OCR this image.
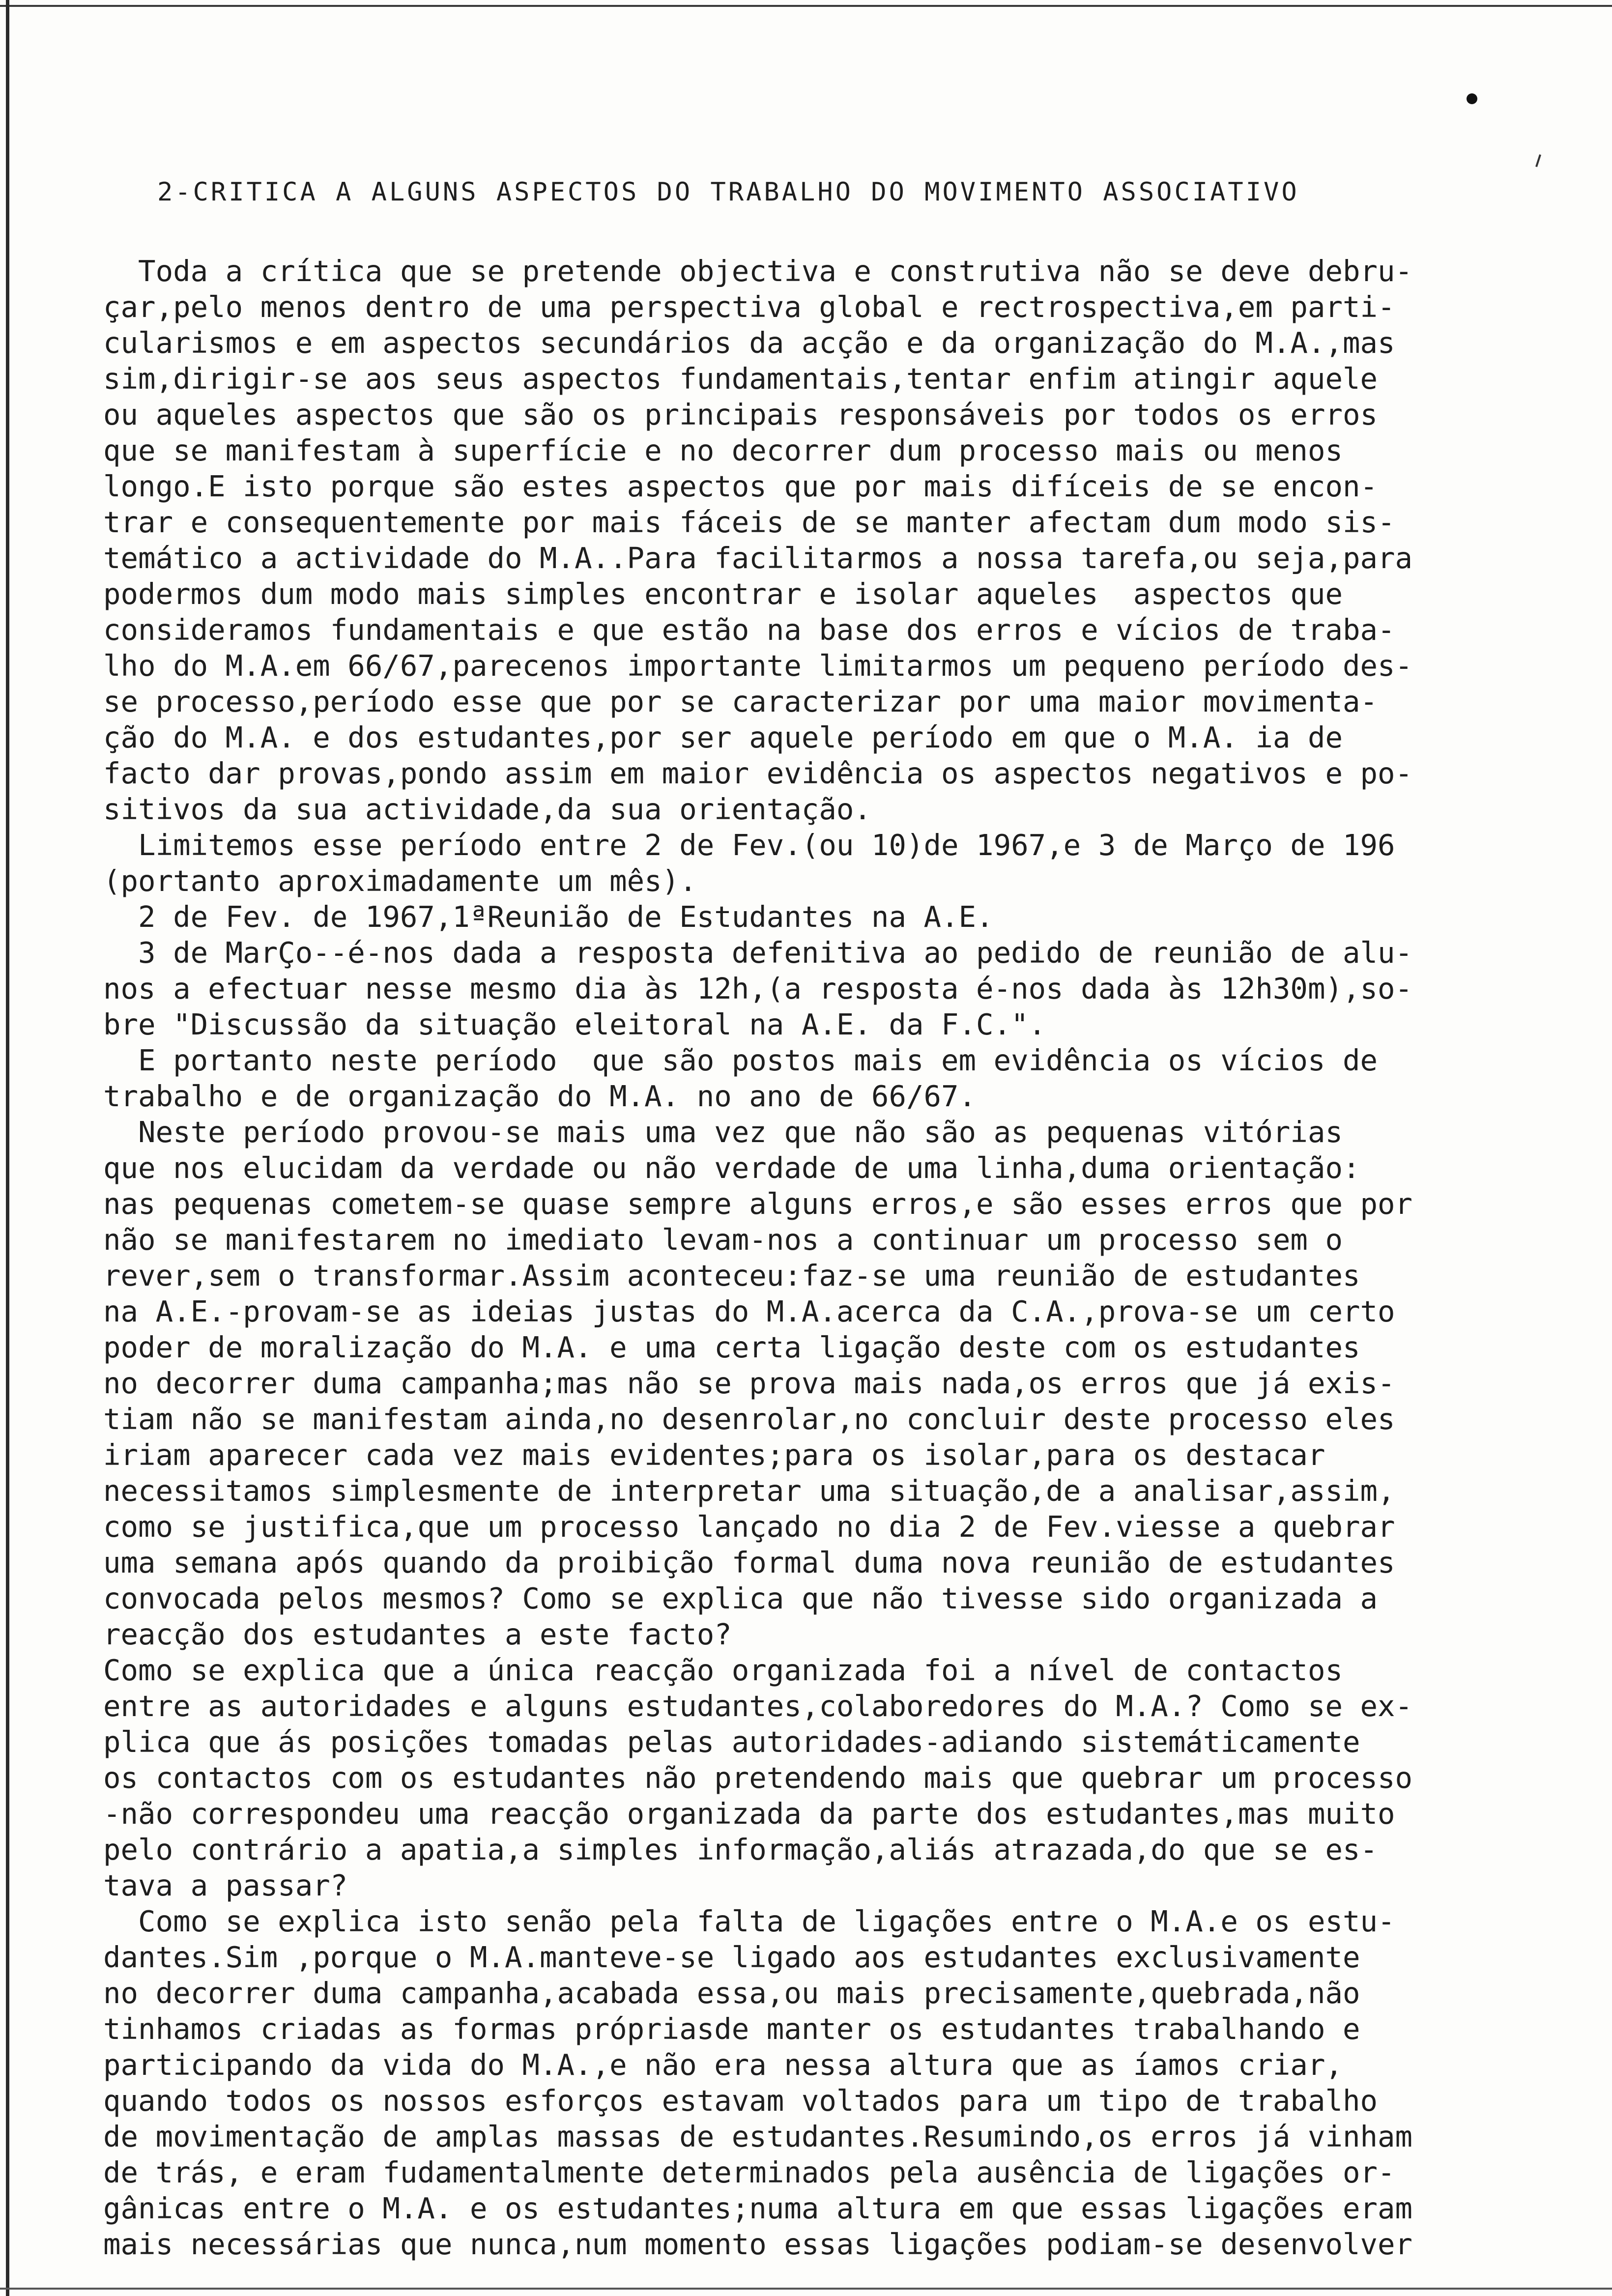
2-CRITICA A ALGUNS ASPECTOS DO TRABALHO DO MOVIMENTO ASSOCIATIVO
Toda a crítica que se pretende objectiva e construtiva não se deve debru-
çar,pelo menos dentro de uma perspectiva global e rectrospectiva,em parti-
cularismos e em aspectos secundários da acção e da organização do M.A.,mas
sim,dirigir-se aos seus aspectos fundamentais,tentar enfim atingir aquele
ou aqueles aspectos que são os principais responsáveis por todos os erros
que se manifestam à superfície e no decorrer dum processo mais ou menos
longo.E isto porque são estes aspectos que por mais difíceis de se encon-
trar e consequentemente por mais fáceis de se manter afectam dum modo sis-
temático a actividade do M.A..Para facilitarmos a nossa tarefa,ou seja,para
podermos dum modo mais simples encontrar e isolar aqueles  aspectos que
consideramos fundamentais e que estão na base dos erros e vícios de traba-
lho do M.A.em 66/67,parecenos importante limitarmos um pequeno período des-
se processo,período esse que por se caracterizar por uma maior movimenta-
ção do M.A. e dos estudantes,por ser aquele período em que o M.A. ia de
facto dar provas,pondo assim em maior evidência os aspectos negativos e po-
sitivos da sua actividade,da sua orientação.
Limitemos esse período entre 2 de Fev.(ou 10)de 1967,e 3 de Março de 196
(portanto aproximadamente um mês).
2 de Fev. de 1967,1ªReunião de Estudantes na A.E.
3 de MarÇo--é-nos dada a resposta defenitiva ao pedido de reunião de alu-
nos a efectuar nesse mesmo dia às 12h,(a resposta é-nos dada às 12h30m),so-
bre "Discussão da situação eleitoral na A.E. da F.C.".
E portanto neste período  que são postos mais em evidência os vícios de
trabalho e de organização do M.A. no ano de 66/67.
Neste período provou-se mais uma vez que não são as pequenas vitórias
que nos elucidam da verdade ou não verdade de uma linha,duma orientação:
nas pequenas cometem-se quase sempre alguns erros,e são esses erros que por
não se manifestarem no imediato levam-nos a continuar um processo sem o
rever,sem o transformar.Assim aconteceu:faz-se uma reunião de estudantes
na A.E.-provam-se as ideias justas do M.A.acerca da C.A.,prova-se um certo
poder de moralização do M.A. e uma certa ligação deste com os estudantes
no decorrer duma campanha;mas não se prova mais nada,os erros que já exis-
tiam não se manifestam ainda,no desenrolar,no concluir deste processo eles
iriam aparecer cada vez mais evidentes;para os isolar,para os destacar
necessitamos simplesmente de interpretar uma situação,de a analisar,assim,
como se justifica,que um processo lançado no dia 2 de Fev.viesse a quebrar
uma semana após quando da proibição formal duma nova reunião de estudantes
convocada pelos mesmos? Como se explica que não tivesse sido organizada a
reacção dos estudantes a este facto?
Como se explica que a única reacção organizada foi a nível de contactos
entre as autoridades e alguns estudantes,colaboredores do M.A.? Como se ex-
plica que ás posições tomadas pelas autoridades-adiando sistemáticamente
os contactos com os estudantes não pretendendo mais que quebrar um processo
-não correspondeu uma reacção organizada da parte dos estudantes,mas muito
pelo contrário a apatia,a simples informação,aliás atrazada,do que se es-
tava a passar?
Como se explica isto senão pela falta de ligações entre o M.A.e os estu-
dantes.Sim ,porque o M.A.manteve-se ligado aos estudantes exclusivamente
no decorrer duma campanha,acabada essa,ou mais precisamente,quebrada,não
tinhamos criadas as formas própriasde manter os estudantes trabalhando e
participando da vida do M.A.,e não era nessa altura que as íamos criar,
quando todos os nossos esforços estavam voltados para um tipo de trabalho
de movimentação de amplas massas de estudantes.Resumindo,os erros já vinham
de trás, e eram fudamentalmente determinados pela ausência de ligações or-
gânicas entre o M.A. e os estudantes;numa altura em que essas ligações eram
mais necessárias que nunca,num momento essas ligações podiam-se desenvolver
